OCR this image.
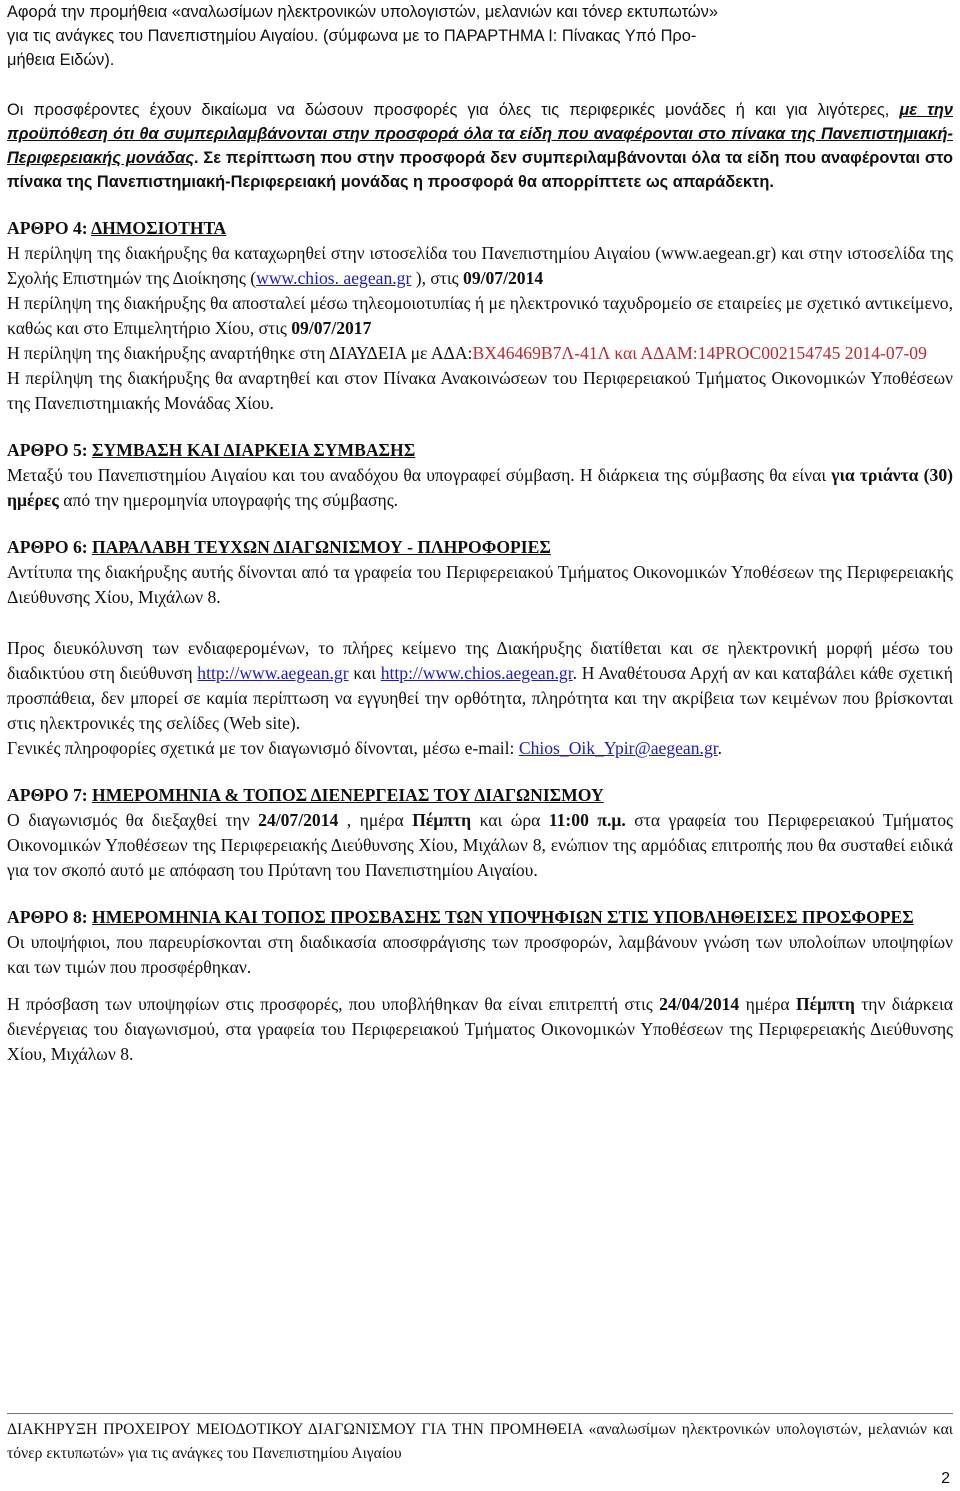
Αφορά την προμήθεια «αναλωσίμων ηλεκτρονικών υπολογιστών, μελανιών και τόνερ εκτυπωτών»
για τις ανάγκες του Πανεπιστημίου Αιγαίου. (σύμφωνα με το ΠΑΡΑΡΤΗΜΑ Ι: Πίνακας Υπό Προ-
μήθεια Ειδών).

Οι προσφέροντες έχουν δικαίωμα να δώσουν προσφορές για όλες τις περιφερικές μονάδες ή και για λιγότερες, με την προϋπόθεση ότι θα συμπεριλαμβάνονται στην προσφορά όλα τα είδη που αναφέρονται στο πίνακα της Πανεπιστημιακή-Περιφερειακής μονάδας. Σε περίπτωση που στην προσφορά δεν συμπεριλαμβάνονται όλα τα είδη που αναφέρονται στο πίνακα της Πανεπιστημιακή-Περιφερειακή μονάδας η προσφορά θα απορρίπτετε ως απαράδεκτη.

ΑΡΘΡΟ 4: ΔΗΜΟΣΙΟΤΗΤΑ

Η περίληψη της διακήρυξης θα καταχωρηθεί στην ιστοσελίδα του Πανεπιστημίου Αιγαίου (www.aegean.gr) και στην ιστοσελίδα της Σχολής Επιστημών της Διοίκησης (www.chios. aegean.gr ), στις 09/07/2014

Η περίληψη της διακήρυξης θα αποσταλεί μέσω τηλεομοιοτυπίας ή με ηλεκτρονικό ταχυδρομείο σε εταιρείες με σχετικό αντικείμενο, καθώς και στο Επιμελητήριο Χίου, στις 09/07/2017

Η περίληψη της διακήρυξης αναρτήθηκε στη ΔΙΑΥΔΕΙΑ με ΑΔΑ:ΒΧ46469Β7Λ-41Λ και ΑΔΑΜ:14PROC002154745 2014-07-09

Η περίληψη της διακήρυξης θα αναρτηθεί και στον Πίνακα Ανακοινώσεων του Περιφερειακού Τμήματος Οικονομικών Υποθέσεων της Πανεπιστημιακής Μονάδας Χίου.

ΑΡΘΡΟ 5: ΣΥΜΒΑΣΗ ΚΑΙ ΔΙΑΡΚΕΙΑ ΣΥΜΒΑΣΗΣ

Μεταξύ του Πανεπιστημίου Αιγαίου και του αναδόχου θα υπογραφεί σύμβαση. Η διάρκεια της σύμβασης θα είναι για τριάντα (30) ημέρες από την ημερομηνία υπογραφής της σύμβασης.

ΑΡΘΡΟ 6: ΠΑΡΑΛΑΒΗ ΤΕΥΧΩΝ ΔΙΑΓΩΝΙΣΜΟΥ - ΠΛΗΡΟΦΟΡΙΕΣ

Αντίτυπα της διακήρυξης αυτής δίνονται από τα γραφεία του Περιφερειακού Τμήματος Οικονομικών Υποθέσεων της Περιφερειακής Διεύθυνσης Χίου, Μιχάλων 8.

Προς διευκόλυνση των ενδιαφερομένων, το πλήρες κείμενο της Διακήρυξης διατίθεται και σε ηλεκτρονική μορφή μέσω του διαδικτύου στη διεύθυνση http://www.aegean.gr και http://www.chios.aegean.gr. Η Αναθέτουσα Αρχή αν και καταβάλει κάθε σχετική προσπάθεια, δεν μπορεί σε καμία περίπτωση να εγγυηθεί την ορθότητα, πληρότητα και την ακρίβεια των κειμένων που βρίσκονται στις ηλεκτρονικές της σελίδες (Web site).

Γενικές πληροφορίες σχετικά με τον διαγωνισμό δίνονται, μέσω e-mail: Chios_Oik_Ypir@aegean.gr.

ΑΡΘΡΟ 7: ΗΜΕΡΟΜΗΝΙΑ & ΤΟΠΟΣ ΔΙΕΝΕΡΓΕΙΑΣ ΤΟΥ ΔΙΑΓΩΝΙΣΜΟΥ

Ο διαγωνισμός θα διεξαχθεί την 24/07/2014 , ημέρα Πέμπτη και ώρα 11:00 π.μ. στα γραφεία του Περιφερειακού Τμήματος Οικονομικών Υποθέσεων της Περιφερειακής Διεύθυνσης Χίου, Μιχάλων 8, ενώπιον της αρμόδιας επιτροπής που θα συσταθεί ειδικά για τον σκοπό αυτό με απόφαση του Πρύτανη του Πανεπιστημίου Αιγαίου.

ΑΡΘΡΟ 8: ΗΜΕΡΟΜΗΝΙΑ ΚΑΙ ΤΟΠΟΣ ΠΡΟΣΒΑΣΗΣ ΤΩΝ ΥΠΟΨΗΦΙΩΝ ΣΤΙΣ ΥΠΟΒΛΗΘΕΙΣΕΣ ΠΡΟΣΦΟΡΕΣ

Οι υποψήφιοι, που παρευρίσκονται στη διαδικασία αποσφράγισης των προσφορών, λαμβάνουν γνώση των υπολοίπων υποψηφίων και των τιμών που προσφέρθηκαν.

Η πρόσβαση των υποψηφίων στις προσφορές, που υποβλήθηκαν θα είναι επιτρεπτή στις 24/04/2014 ημέρα Πέμπτη την διάρκεια διενέργειας του διαγωνισμού, στα γραφεία του Περιφερειακού Τμήματος Οικονομικών Υποθέσεων της Περιφερειακής Διεύθυνσης Χίου, Μιχάλων 8.

ΔΙΑΚΗΡΥΞΗ ΠΡΟΧΕΙΡΟΥ ΜΕΙΟΔΟΤΙΚΟΥ ΔΙΑΓΩΝΙΣΜΟΥ ΓΙΑ ΤΗΝ ΠΡΟΜΗΘΕΙΑ «αναλωσίμων ηλεκτρονικών υπολογιστών, μελανιών και τόνερ εκτυπωτών» για τις ανάγκες του Πανεπιστημίου Αιγαίου
2
